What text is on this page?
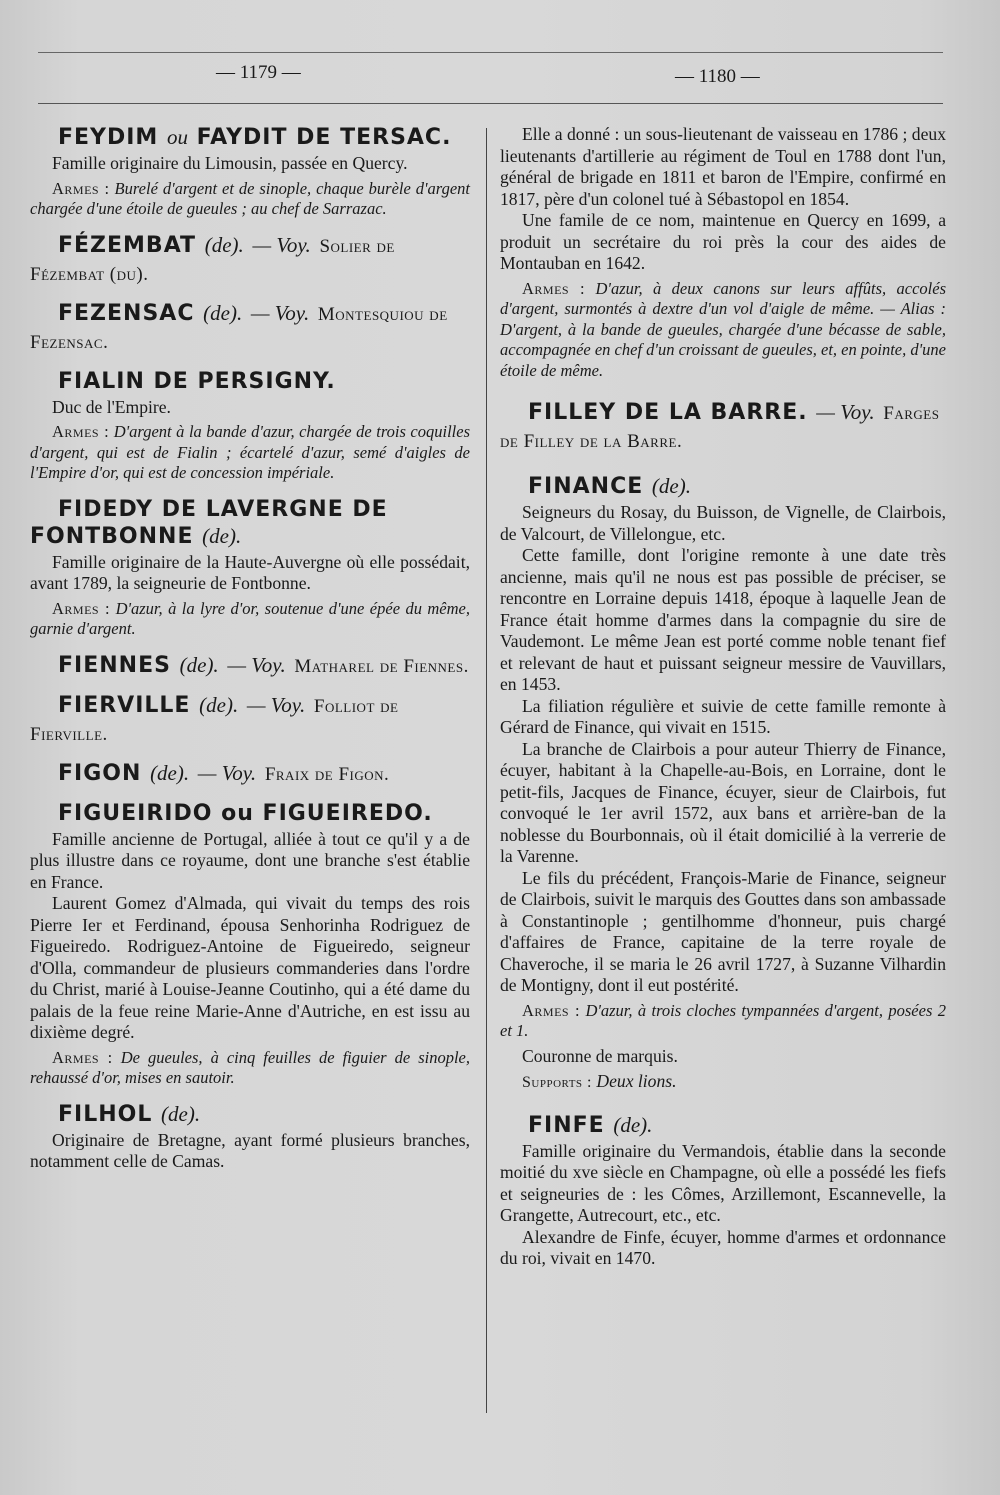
— 1179 —	— 1180 —
FEYDIM ou FAYDIT DE TERSAC.

Famille originaire du Limousin, passée en Quercy.

Armes : Burelé d'argent et de sinople, chaque burèle d'argent chargée d'une étoile de gueules ; au chef de Sarrazac.

FÉZEMBAT (de). — Voy. Solier de Fézembat (du).
FEZENSAC (de). — Voy. Montesquiou de Fezensac.
FIALIN DE PERSIGNY.

Duc de l'Empire.

Armes : D'argent à la bande d'azur, chargée de trois coquilles d'argent, qui est de Fialin ; écartelé d'azur, semé d'aigles de l'Empire d'or, qui est de concession impériale.

FIDEDY DE LAVERGNE DE FONTBONNE (de).

Famille originaire de la Haute-Auvergne où elle possédait, avant 1789, la seigneurie de Fontbonne.

Armes : D'azur, à la lyre d'or, soutenue d'une épée du même, garnie d'argent.

FIENNES (de). — Voy. Matharel de Fiennes.
FIERVILLE (de). — Voy. Folliot de Fierville.
FIGON (de). — Voy. Fraix de Figon.
FIGUEIRIDO ou FIGUEIREDO.

Famille ancienne de Portugal, alliée à tout ce qu'il y a de plus illustre dans ce royaume, dont une branche s'est établie en France.

Laurent Gomez d'Almada, qui vivait du temps des rois Pierre Ier et Ferdinand, épousa Senhorinha Rodriguez de Figueiredo. Rodriguez-Antoine de Figueiredo, seigneur d'Olla, commandeur de plusieurs commanderies dans l'ordre du Christ, marié à Louise-Jeanne Coutinho, qui a été dame du palais de la feue reine Marie-Anne d'Autriche, en est issu au dixième degré.

Armes : De gueules, à cinq feuilles de figuier de sinople, rehaussé d'or, mises en sautoir.

FILHOL (de).

Originaire de Bretagne, ayant formé plusieurs branches, notamment celle de Camas.

Elle a donné : un sous-lieutenant de vaisseau en 1786 ; deux lieutenants d'artillerie au régiment de Toul en 1788 dont l'un, général de brigade en 1811 et baron de l'Empire, confirmé en 1817, père d'un colonel tué à Sébastopol en 1854.

Une famile de ce nom, maintenue en Quercy en 1699, a produit un secrétaire du roi près la cour des aides de Montauban en 1642.

Armes : D'azur, à deux canons sur leurs affûts, accolés d'argent, surmontés à dextre d'un vol d'aigle de même. — Alias : D'argent, à la bande de gueules, chargée d'une bécasse de sable, accompagnée en chef d'un croissant de gueules, et, en pointe, d'une étoile de même.

FILLEY DE LA BARRE. — Voy. Farges de Filley de la Barre.
FINANCE (de).

Seigneurs du Rosay, du Buisson, de Vignelle, de Clairbois, de Valcourt, de Villelongue, etc.

Cette famille, dont l'origine remonte à une date très ancienne, mais qu'il ne nous est pas possible de préciser, se rencontre en Lorraine depuis 1418, époque à laquelle Jean de France était homme d'armes dans la compagnie du sire de Vaudemont. Le même Jean est porté comme noble tenant fief et relevant de haut et puissant seigneur messire de Vauvillars, en 1453.

La filiation régulière et suivie de cette famille remonte à Gérard de Finance, qui vivait en 1515.

La branche de Clairbois a pour auteur Thierry de Finance, écuyer, habitant à la Chapelle-au-Bois, en Lorraine, dont le petit-fils, Jacques de Finance, écuyer, sieur de Clairbois, fut convoqué le 1er avril 1572, aux bans et arrière-ban de la noblesse du Bourbonnais, où il était domicilié à la verrerie de la Varenne.

Le fils du précédent, François-Marie de Finance, seigneur de Clairbois, suivit le marquis des Gouttes dans son ambassade à Constantinople ; gentilhomme d'honneur, puis chargé d'affaires de France, capitaine de la terre royale de Chaveroche, il se maria le 26 avril 1727, à Suzanne Vilhardin de Montigny, dont il eut postérité.

Armes : D'azur, à trois cloches tympannées d'argent, posées 2 et 1.

Couronne de marquis.

Supports : Deux lions.

FINFE (de).

Famille originaire du Vermandois, établie dans la seconde moitié du xve siècle en Champagne, où elle a possédé les fiefs et seigneuries de : les Cômes, Arzillemont, Escannevelle, la Grangette, Autrecourt, etc., etc.

Alexandre de Finfe, écuyer, homme d'armes et ordonnance du roi, vivait en 1470.
